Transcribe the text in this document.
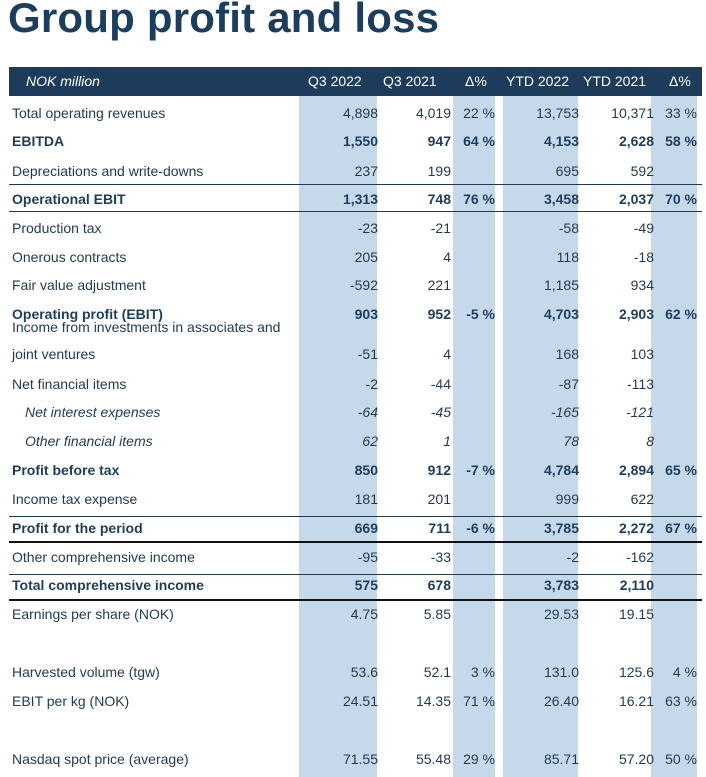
Group profit and loss
NOK million	Q3 2022 Q3 2021 Δ% YTD 2022 YTD 2021 Δ%
Total operating revenues	4,898	4,019 22 %	13,753 10,371 33 %
EBITDA	1,550	947 64 %	4,153	2,628 58 %
Depreciations and write-downs	237	199	695	592
Operational EBIT	1,313	748 76 %	3,458	2,037 70 %
Production tax	-23	-21	-58	-49
Onerous contracts	205	4	118	-18
Fair value adjustment	-592	221	1,185	934
Operating profit (EBIT)	903	952 -5 %	4,703	2,903 62 %
Income from investments in associates and
joint ventures	-51	4	168	103
Net financial items	-2	-44	-87	-113
Net interest expenses	-64	-45	-165	-121
Other financial items	62	1	78	8
Profit before tax	850	912 -7 %	4,784	2,894 65 %
Income tax expense	181	201	999	622
Profit for the period	669	711 -6 %	3,785	2,272 67 %
Other comprehensive income	-95	-33	-2	-162
Total comprehensive income	575	678	3,783	2,110
Earnings per share (NOK)	4.75	5.85	29.53	19.15
Harvested volume (tgw)	53.6	52.1 3 %	131.0	125.6 4 %
EBIT per kg (NOK)	24.51	14.35 71 %	26.40	16.21 63 %
Nasdaq spot price (average)	71.55	55.48 29 %	85.71	57.20 50 %
